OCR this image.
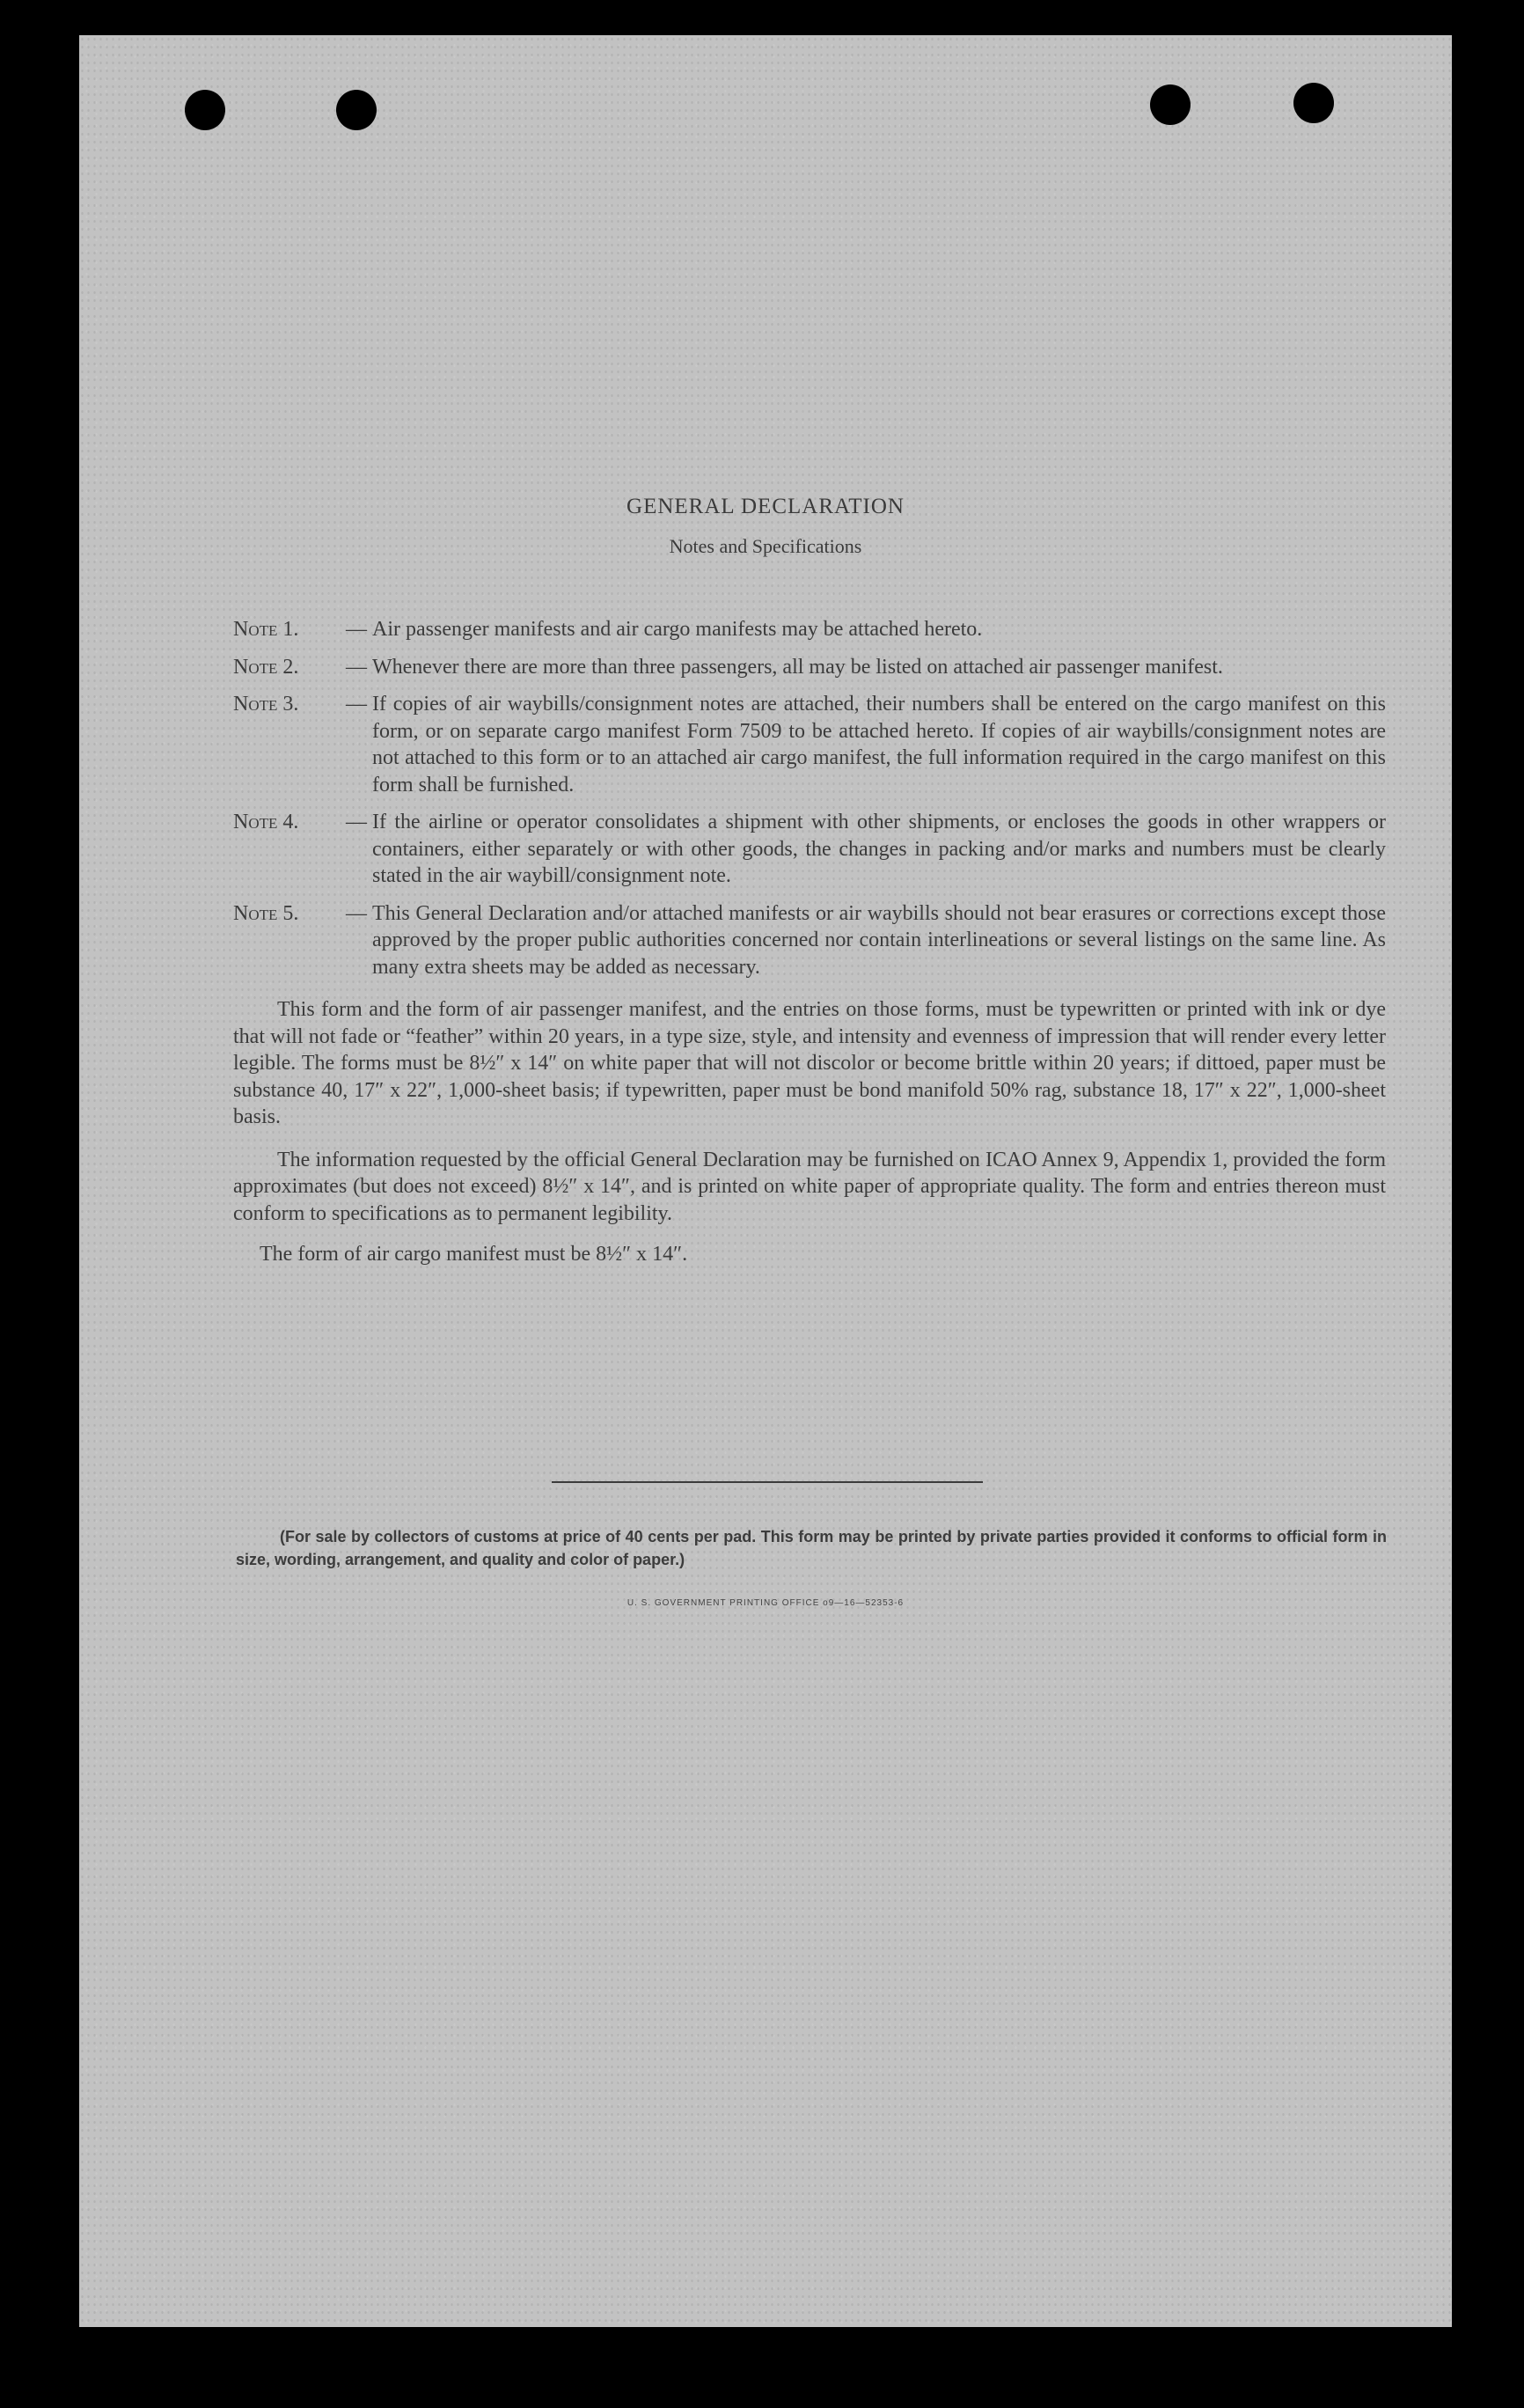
GENERAL DECLARATION
Notes and Specifications
Note 1.	— Air passenger manifests and air cargo manifests may be attached hereto.
Note 2.	— Whenever there are more than three passengers, all may be listed on attached air passenger manifest.
Note 3.	— If copies of air waybills/consignment notes are attached, their numbers shall be entered on the cargo manifest on this form, or on separate cargo manifest Form 7509 to be attached hereto. If copies of air waybills/consignment notes are not attached to this form or to an attached air cargo manifest, the full information required in the cargo manifest on this form shall be furnished.
Note 4.	— If the airline or operator consolidates a shipment with other shipments, or encloses the goods in other wrappers or containers, either separately or with other goods, the changes in packing and/or marks and numbers must be clearly stated in the air waybill/consignment note.
Note 5.	— This General Declaration and/or attached manifests or air waybills should not bear erasures or corrections except those approved by the proper public authorities concerned nor contain interlineations or several listings on the same line. As many extra sheets may be added as necessary.

This form and the form of air passenger manifest, and the entries on those forms, must be typewritten or printed with ink or dye that will not fade or “feather” within 20 years, in a type size, style, and intensity and evenness of impression that will render every letter legible. The forms must be 8½″ x 14″ on white paper that will not discolor or become brittle within 20 years; if dittoed, paper must be substance 40, 17″ x 22″, 1,000-sheet basis; if typewritten, paper must be bond manifold 50% rag, substance 18, 17″ x 22″, 1,000-sheet basis.

The information requested by the official General Declaration may be furnished on ICAO Annex 9, Appendix 1, provided the form approximates (but does not exceed) 8½″ x 14″, and is printed on white paper of appropriate quality. The form and entries thereon must conform to specifications as to permanent legibility.

The form of air cargo manifest must be 8½″ x 14″.

(For sale by collectors of customs at price of 40 cents per pad. This form may be printed by private parties provided it conforms to official form in size, wording, arrangement, and quality and color of paper.)
U. S. GOVERNMENT PRINTING OFFICE o9—16—52353-6
